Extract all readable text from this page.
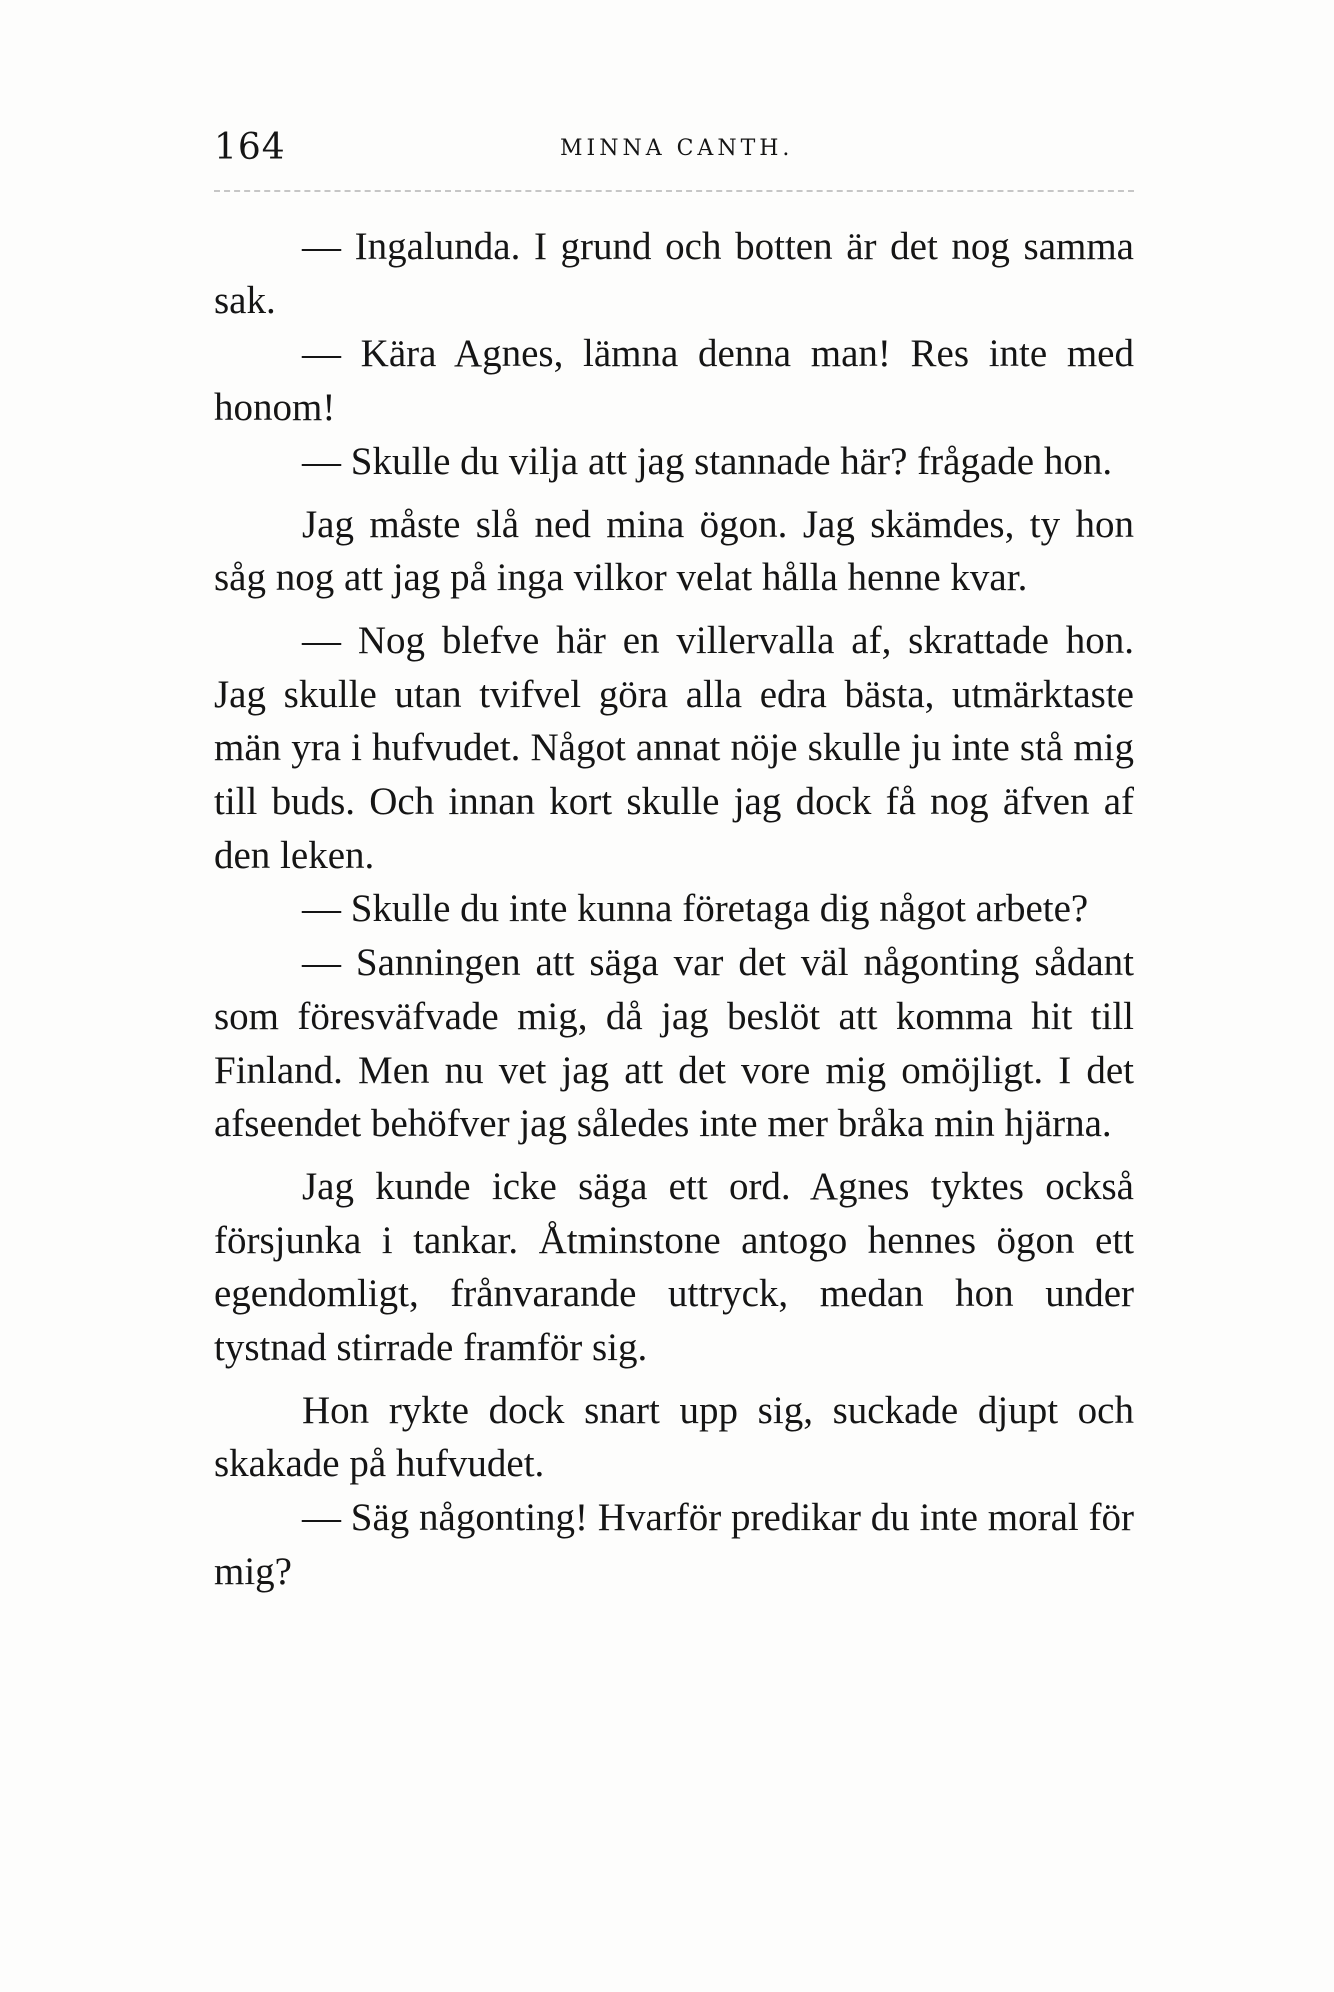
164	MINNA CANTH.

— Ingalunda. I grund och botten är det nog samma sak.

— Kära Agnes, lämna denna man! Res inte med honom!

— Skulle du vilja att jag stannade här? frågade hon.

Jag måste slå ned mina ögon. Jag skämdes, ty hon såg nog att jag på inga vilkor velat hålla henne kvar.

— Nog blefve här en villervalla af, skrattade hon. Jag skulle utan tvifvel göra alla edra bästa, utmärktaste män yra i hufvudet. Något annat nöje skulle ju inte stå mig till buds. Och innan kort skulle jag dock få nog äfven af den leken.

— Skulle du inte kunna företaga dig något arbete?

— Sanningen att säga var det väl någonting sådant som föresväfvade mig, då jag beslöt att komma hit till Finland. Men nu vet jag att det vore mig omöjligt. I det afseendet behöfver jag således inte mer bråka min hjärna.

Jag kunde icke säga ett ord. Agnes tyktes också försjunka i tankar. Åtminstone antogo hennes ögon ett egendomligt, frånvarande uttryck, medan hon under tystnad stirrade framför sig.

Hon rykte dock snart upp sig, suckade djupt och skakade på hufvudet.

— Säg någonting! Hvarför predikar du inte moral för mig?
